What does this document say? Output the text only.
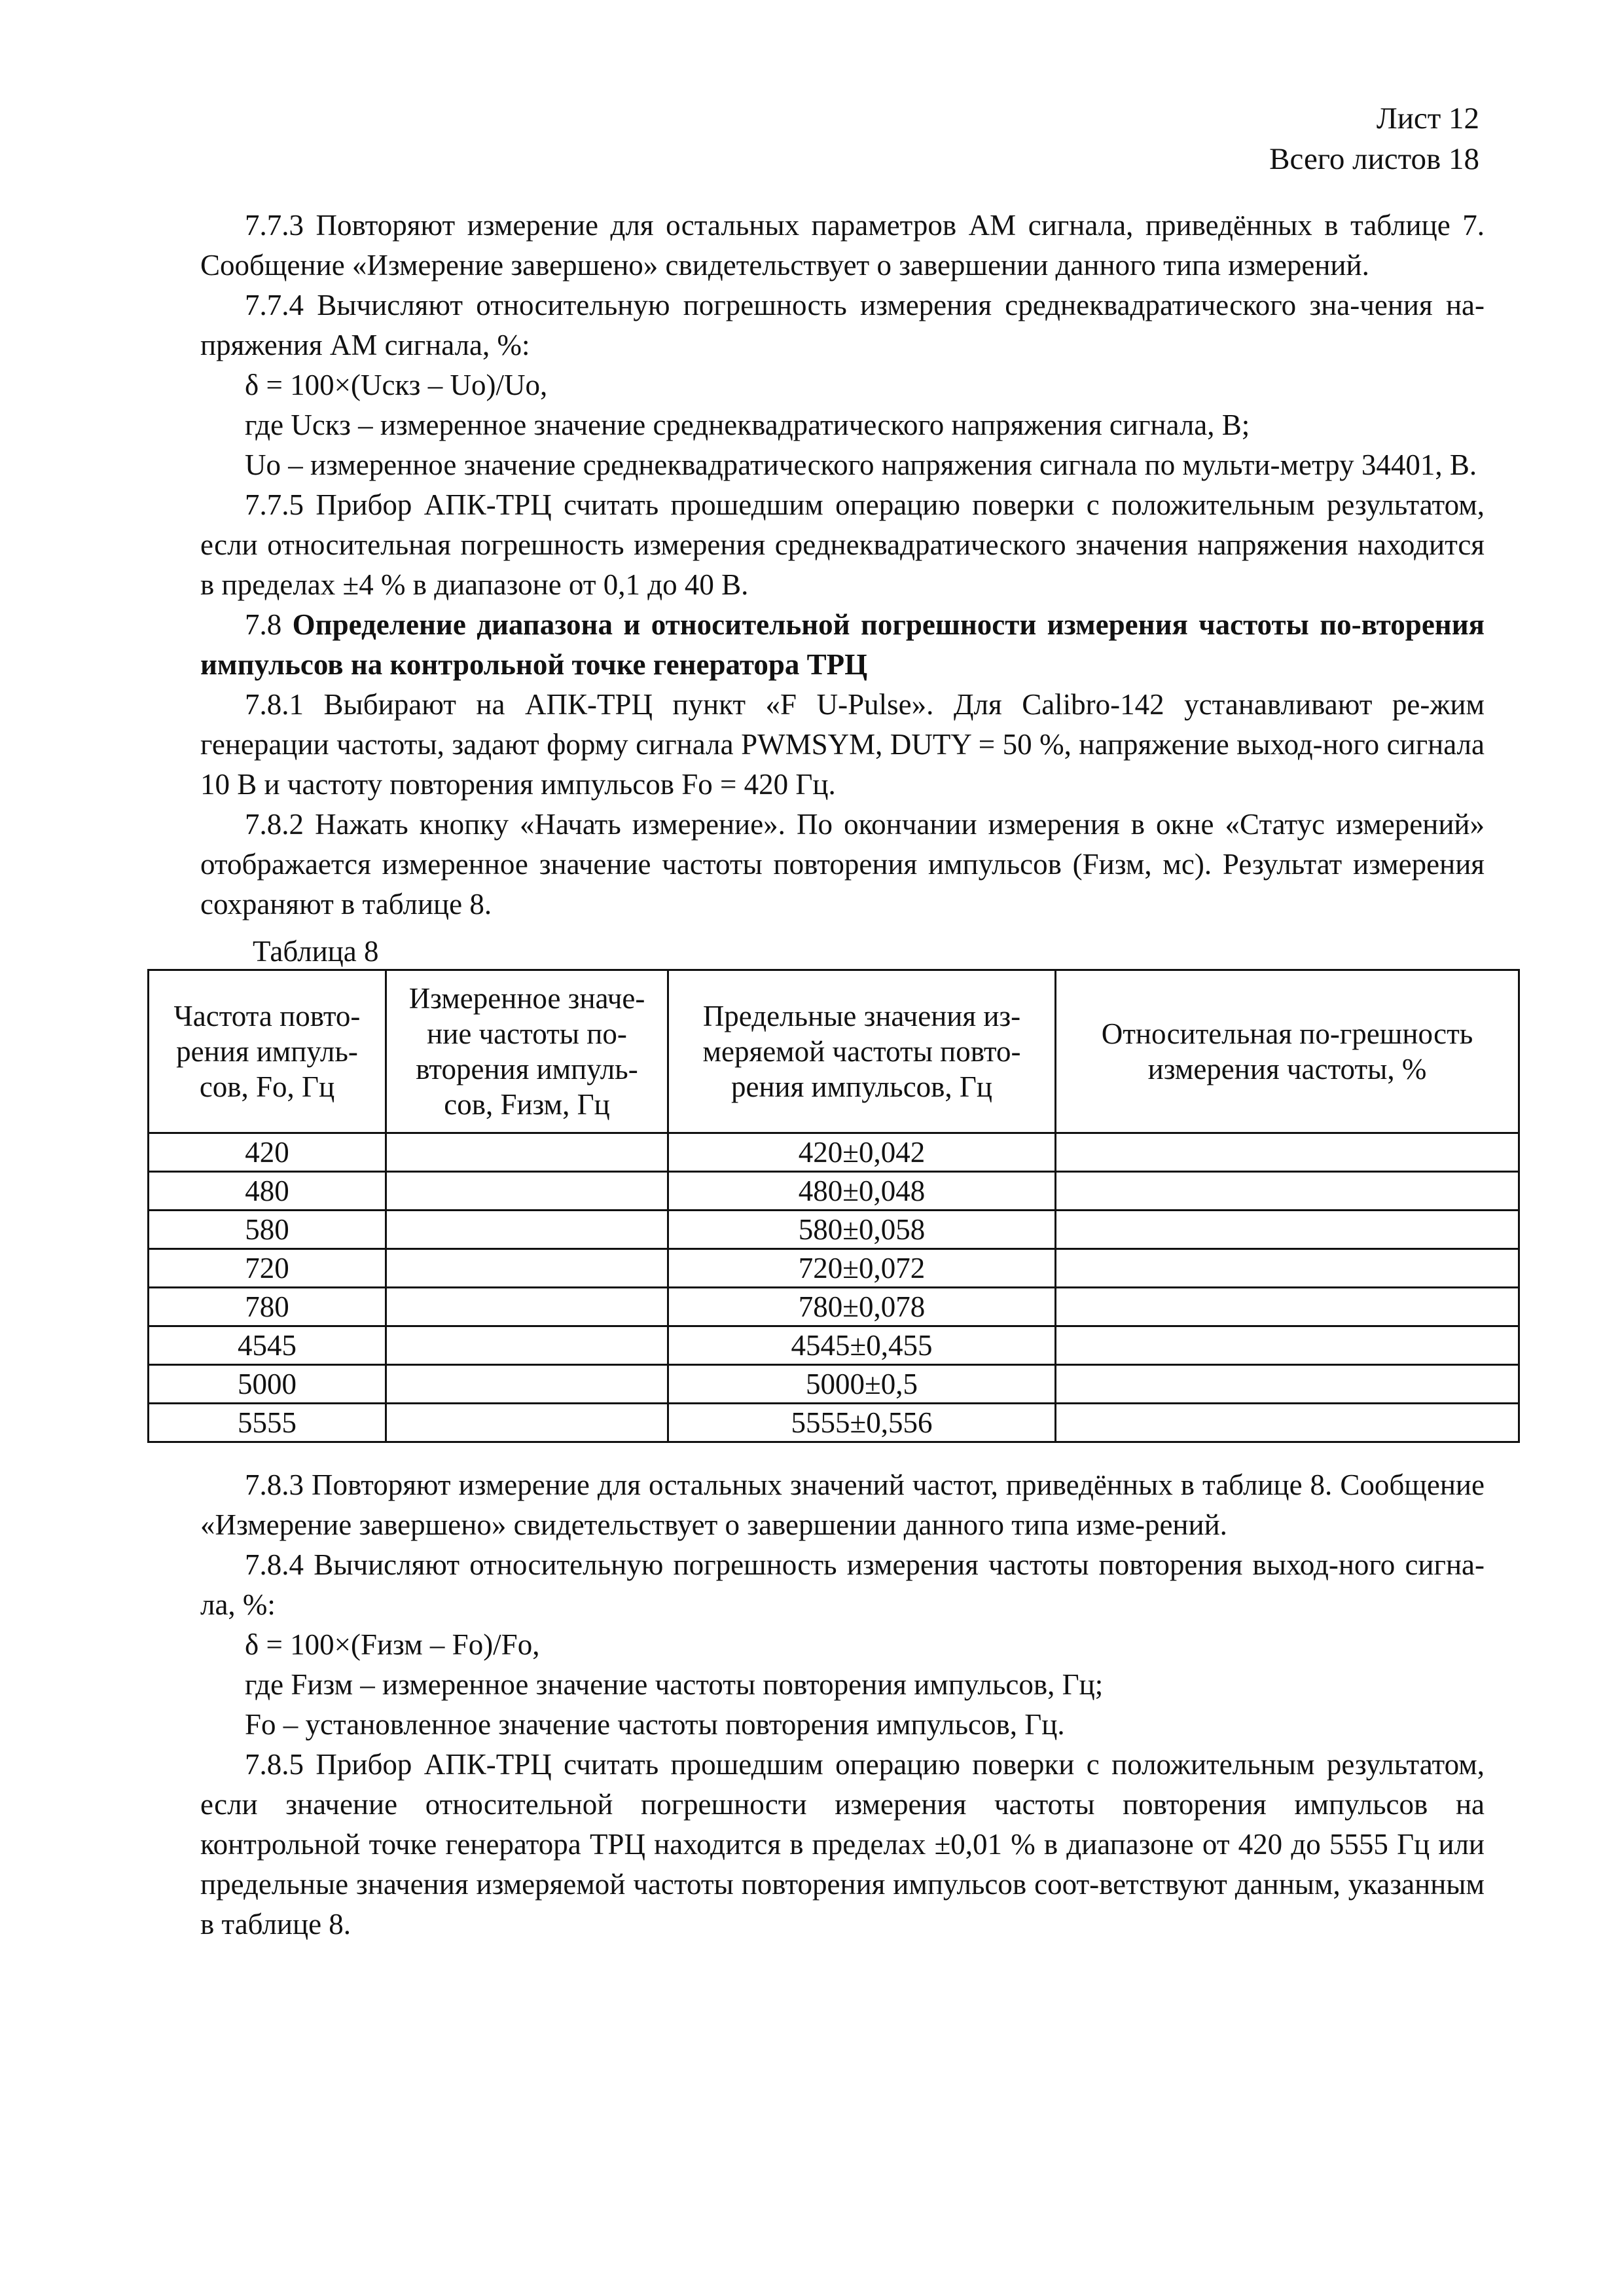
Лист 12
Всего листов 18

7.7.3 Повторяют измерение для остальных параметров АМ сигнала, приведённых в таблице 7. Сообщение «Измерение завершено» свидетельствует о завершении данного типа измерений.

7.7.4 Вычисляют относительную погрешность измерения среднеквадратического зна-чения на-пряжения АМ сигнала, %:

δ = 100×(Uскз – Uо)/Uо,

где Uскз – измеренное значение среднеквадратического напряжения сигнала, В;

Uо – измеренное значение среднеквадратического напряжения сигнала по мульти-метру 34401, В.

7.7.5 Прибор АПК-ТРЦ считать прошедшим операцию поверки с положительным результатом, если относительная погрешность измерения среднеквадратического значения напряжения находится в пределах ±4 % в диапазоне от 0,1 до 40 В.

7.8 Определение диапазона и относительной погрешности измерения частоты по-вторения импульсов на контрольной точке генератора ТРЦ

7.8.1 Выбирают на АПК-ТРЦ пункт «F U-Pulse». Для Calibro-142 устанавливают ре-жим генерации частоты, задают форму сигнала PWMSYM, DUTY = 50 %, напряжение выход-ного сигнала 10 В и частоту повторения импульсов Fо = 420 Гц.

7.8.2 Нажать кнопку «Начать измерение». По окончании измерения в окне «Статус измерений» отображается измеренное значение частоты повторения импульсов (Fизм, мс). Результат измерения сохраняют в таблице 8.

Таблица 8
Частота повто-рения импуль-сов, Fо, Гц	Измеренное значе-ние частоты по-вторения импуль-сов, Fизм, Гц	Предельные значения из-меряемой частоты повто-рения импульсов, Гц	Относительная по-грешность измерения частоты, %
420		420±0,042	
480		480±0,048	
580		580±0,058	
720		720±0,072	
780		780±0,078	
4545		4545±0,455	
5000		5000±0,5	
5555		5555±0,556	

7.8.3 Повторяют измерение для остальных значений частот, приведённых в таблице 8. Сообщение «Измерение завершено» свидетельствует о завершении данного типа изме-рений.

7.8.4 Вычисляют относительную погрешность измерения частоты повторения выход-ного сигна-ла, %:

δ = 100×(Fизм – Fо)/Fо,

где Fизм – измеренное значение частоты повторения импульсов, Гц;

Fо – установленное значение частоты повторения импульсов, Гц.

7.8.5 Прибор АПК-ТРЦ считать прошедшим операцию поверки с положительным результатом, если значение относительной погрешности измерения частоты повторения импульсов на контрольной точке генератора ТРЦ находится в пределах ±0,01 % в диапазоне от 420 до 5555 Гц или предельные значения измеряемой частоты повторения импульсов соот-ветствуют данным, указанным в таблице 8.
